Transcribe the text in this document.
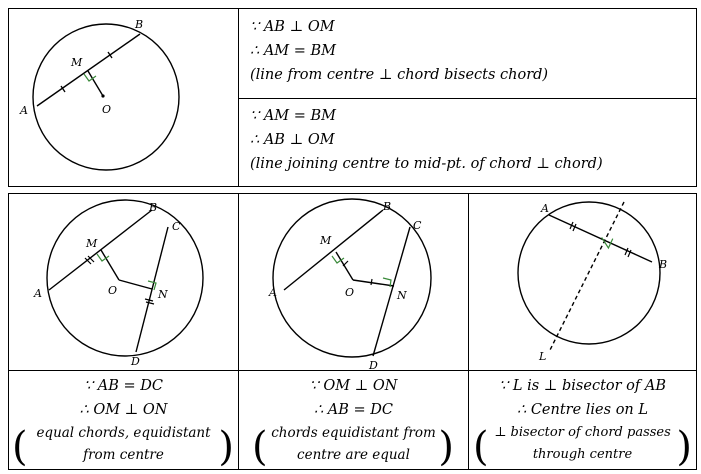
A
B
M
O
∵ AB ⊥ OM
∴ AM = BM
(line from centre ⊥ chord bisects chord)
∵ AM = BM
∴ AB ⊥ OM
(line joining centre to mid-pt. of chord ⊥ chord)
A
B
C
D
M
N
O	A
B
C
D
M
N
O
A
B
L
∵ AB = DC
∴ OM ⊥ ON
equal chords, equidistant
from centre
(	)
∵ OM ⊥ ON
∴ AB = DC
chords equidistant from
centre are equal
(	)
∵ L is ⊥ bisector of AB
∴ Centre lies on L
⊥ bisector of chord passes
through centre
(	)
